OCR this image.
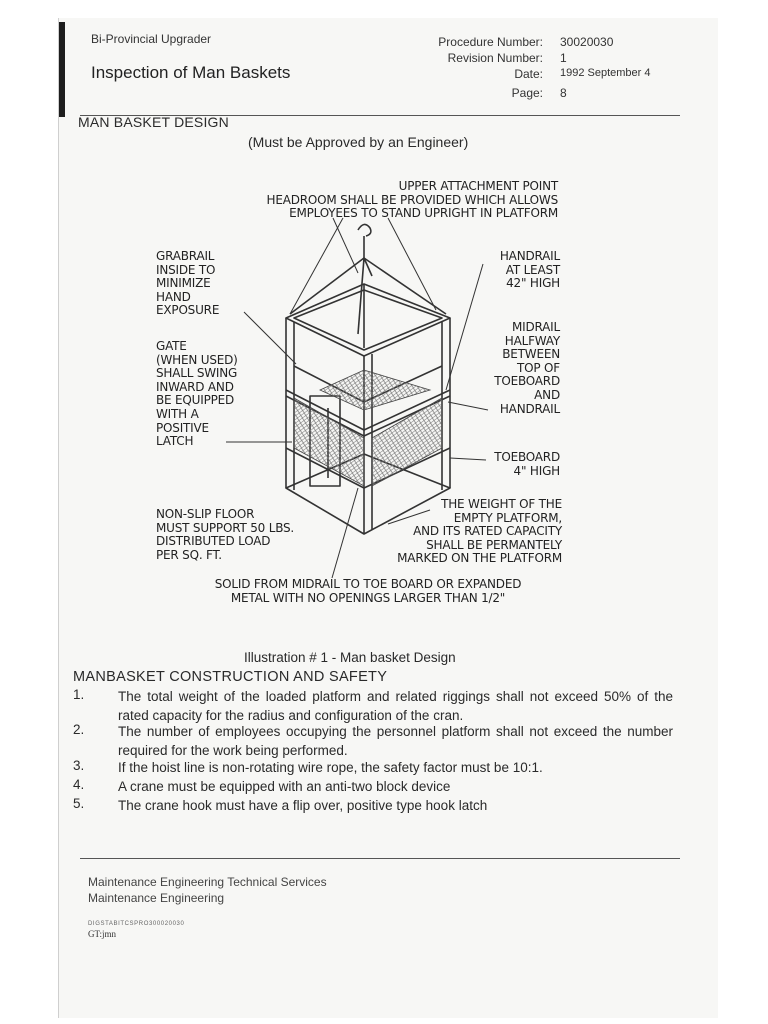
Bi-Provincial Upgrader
Inspection of Man Baskets
Procedure Number: 30020030
Revision Number: 1
Date: 1992 September 4
Page: 8
MAN BASKET DESIGN
(Must be Approved by an Engineer)
UPPER ATTACHMENT POINT
HEADROOM SHALL BE PROVIDED WHICH ALLOWS
EMPLOYEES TO STAND UPRIGHT IN PLATFORM
GRABRAIL
INSIDE TO
MINIMIZE
HAND
EXPOSURE
GATE
(WHEN USED)
SHALL SWING
INWARD AND
BE EQUIPPED
WITH A
POSITIVE
LATCH
HANDRAIL
AT LEAST
42" HIGH
MIDRAIL
HALFWAY
BETWEEN
TOP OF
TOEBOARD
AND
HANDRAIL
TOEBOARD
4" HIGH
NON-SLIP FLOOR
MUST SUPPORT 50 LBS.
DISTRIBUTED LOAD
PER SQ. FT.
THE WEIGHT OF THE
EMPTY PLATFORM,
AND ITS RATED CAPACITY
SHALL BE PERMANTELY
MARKED ON THE PLATFORM
SOLID FROM MIDRAIL TO TOE BOARD OR EXPANDED
METAL WITH NO OPENINGS LARGER THAN 1/2"
Illustration # 1 - Man basket Design
MANBASKET CONSTRUCTION AND SAFETY
1. The total weight of the loaded platform and related riggings shall not exceed 50% of the rated capacity for the radius and configuration of the cran.
2. The number of employees occupying the personnel platform shall not exceed the number required for the work being performed.
3. If the hoist line is non-rotating wire rope, the safety factor must be 10:1.
4. A crane must be equipped with an anti-two block device
5. The crane hook must have a flip over, positive type hook latch
Maintenance Engineering Technical Services
Maintenance Engineering
DIGSTABITCSPRO300020030
GT:jmn
